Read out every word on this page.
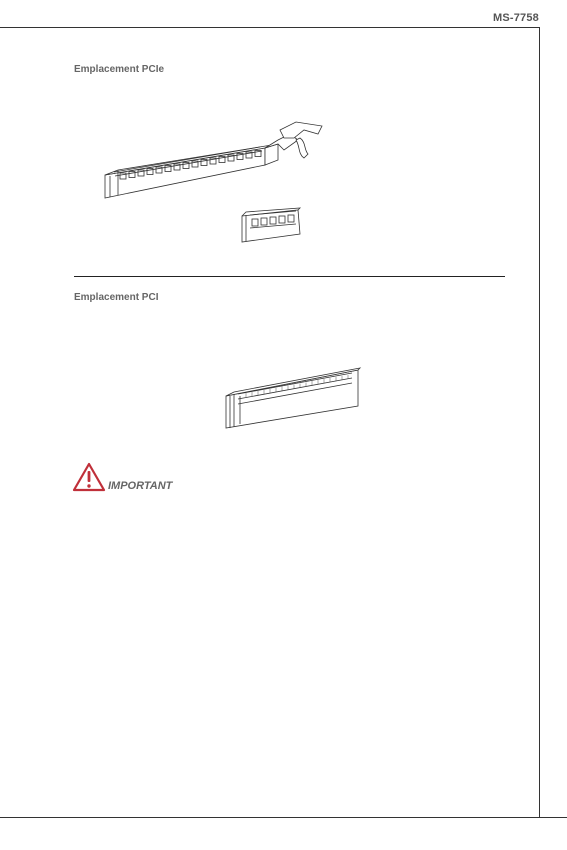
MS-7758
Emplacement PCIe
Emplacement PCI
IMPORTANT
